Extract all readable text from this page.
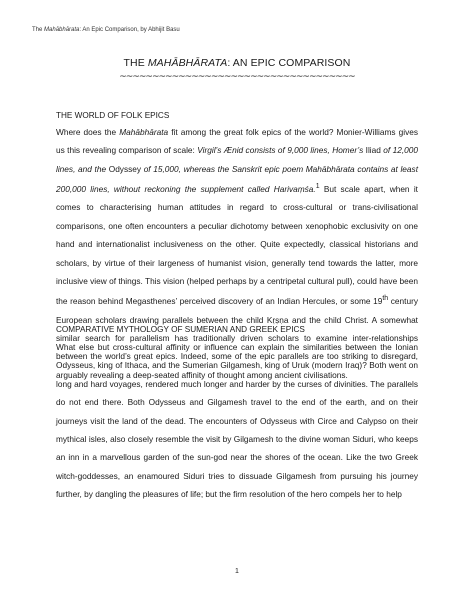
The Mahābhārata: An Epic Comparison, by Abhijit Basu
THE MAHĀBHĀRATA: AN EPIC COMPARISON
~~~~~~~~~~~~~~~~~~~~~~~~~~~~~~~~~~~~
THE WORLD OF FOLK EPICS

Where does the Mahābhārata fit among the great folk epics of the world? Monier-Williams gives us this revealing comparison of scale: Virgil’s Ænid consists of 9,000 lines, Homer’s Iliad of 12,000 lines, and the Odyssey of 15,000, whereas the Sanskrit epic poem Mahābhārata contains at least 200,000 lines, without reckoning the supplement called Harivaṃśa.$^1$ But scale apart, when it comes to characterising human attitudes in regard to cross-cultural or trans-civilisational comparisons, one often encounters a peculiar dichotomy between xenophobic exclusivity on one hand and internationalist inclusiveness on the other. Quite expectedly, classical historians and scholars, by virtue of their largeness of humanist vision, generally tend towards the latter, more inclusive view of things. This vision (helped perhaps by a centripetal cultural pull), could have been the reason behind Megasthenes’ perceived discovery of an Indian Hercules, or some 19th century European scholars drawing parallels between the child Kṛṣṇa and the child Christ. A somewhat similar search for parallelism has traditionally driven scholars to examine inter-relationships between the world’s great epics. Indeed, some of the epic parallels are too striking to disregard, arguably revealing a deep-seated affinity of thought among ancient civilisations.

COMPARATIVE MYTHOLOGY OF SUMERIAN AND GREEK EPICS

What else but cross-cultural affinity or influence can explain the similarities between the Ionian Odysseus, king of Ithaca, and the Sumerian Gilgamesh, king of Uruk (modern Iraq)? Both went on long and hard voyages, rendered much longer and harder by the curses of divinities. The parallels do not end there. Both Odysseus and Gilgamesh travel to the end of the earth, and on their journeys visit the land of the dead. The encounters of Odysseus with Circe and Calypso on their mythical isles, also closely resemble the visit by Gilgamesh to the divine woman Siduri, who keeps an inn in a marvellous garden of the sun-god near the shores of the ocean. Like the two Greek witch-goddesses, an enamoured Siduri tries to dissuade Gilgamesh from pursuing his journey further, by dangling the pleasures of life; but the firm resolution of the hero compels her to help

1
